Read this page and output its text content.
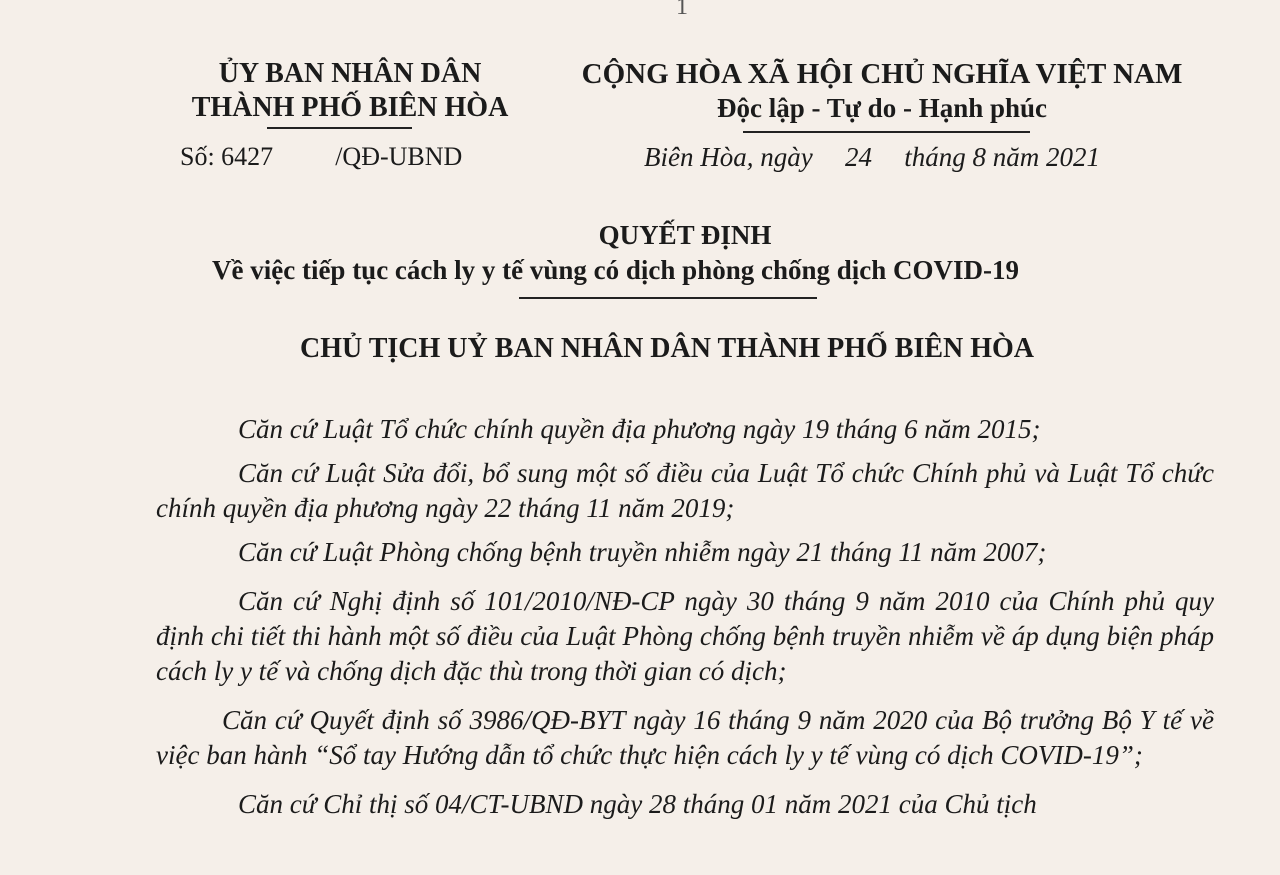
1
ỦY BAN NHÂN DÂN
THÀNH PHỐ BIÊN HÒA
CỘNG HÒA XÃ HỘI CHỦ NGHĨA VIỆT NAM
Độc lập - Tự do - Hạnh phúc
Số: 6427 /QĐ-UBND	Biên Hòa, ngày 24 tháng 8 năm 2021
QUYẾT ĐỊNH
Về việc tiếp tục cách ly y tế vùng có dịch phòng chống dịch COVID-19
CHỦ TỊCH UỶ BAN NHÂN DÂN THÀNH PHỐ BIÊN HÒA

Căn cứ Luật Tổ chức chính quyền địa phương ngày 19 tháng 6 năm 2015;

Căn cứ Luật Sửa đổi, bổ sung một số điều của Luật Tổ chức Chính phủ và Luật Tổ chức chính quyền địa phương ngày 22 tháng 11 năm 2019;

Căn cứ Luật Phòng chống bệnh truyền nhiễm ngày 21 tháng 11 năm 2007;

Căn cứ Nghị định số 101/2010/NĐ-CP ngày 30 tháng 9 năm 2010 của Chính phủ quy định chi tiết thi hành một số điều của Luật Phòng chống bệnh truyền nhiễm về áp dụng biện pháp cách ly y tế và chống dịch đặc thù trong thời gian có dịch;

Căn cứ Quyết định số 3986/QĐ-BYT ngày 16 tháng 9 năm 2020 của Bộ trưởng Bộ Y tế về việc ban hành “Sổ tay Hướng dẫn tổ chức thực hiện cách ly y tế vùng có dịch COVID-19”;

Căn cứ Chỉ thị số 04/CT-UBND ngày 28 tháng 01 năm 2021 của Chủ tịch
